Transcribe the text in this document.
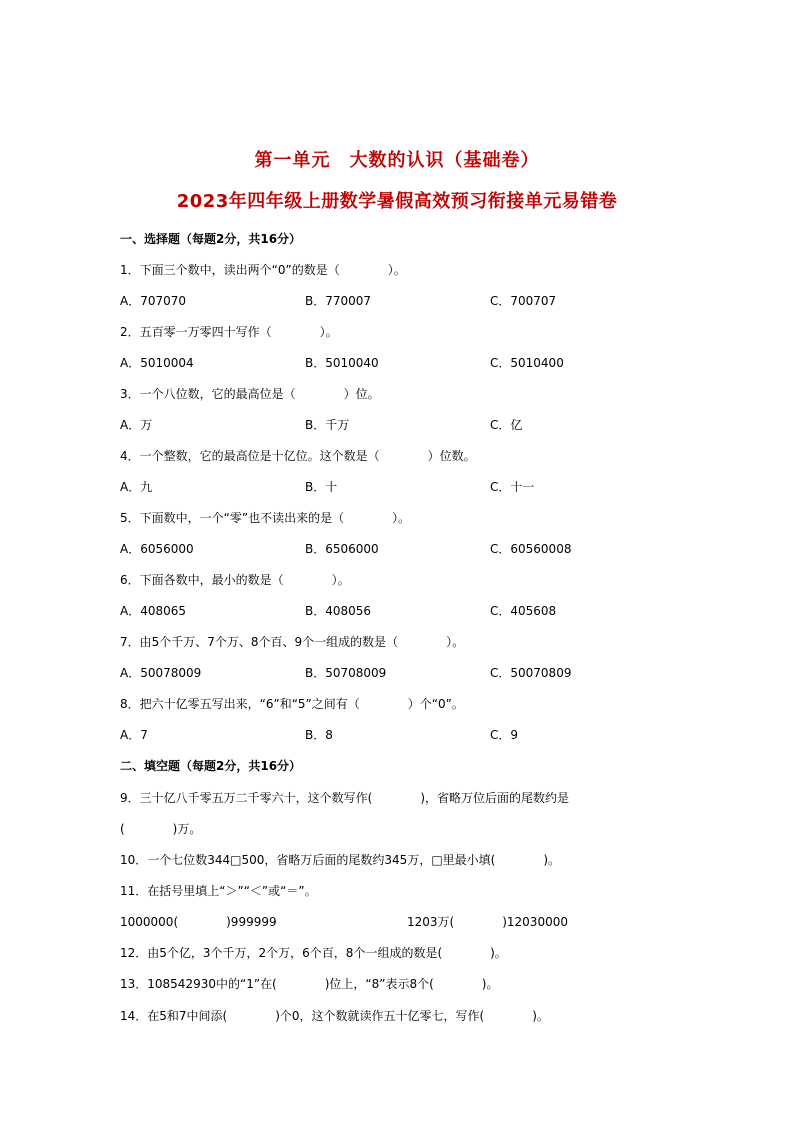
第一单元　大数的认识（基础卷）
2023年四年级上册数学暑假高效预习衔接单元易错卷
一、选择题（每题2分，共16分）
1．下面三个数中，读出两个“0”的数是（　　　　）。
A．707070	B．770007	C．700707
2．五百零一万零四十写作（　　　　）。
A．5010004	B．5010040	C．5010400
3．一个八位数，它的最高位是（　　　　）位。
A．万	B．千万	C．亿
4．一个整数，它的最高位是十亿位。这个数是（　　　　）位数。
A．九	B．十	C．十一
5．下面数中，一个“零”也不读出来的是（　　　　）。
A．6056000	B．6506000	C．60560008
6．下面各数中，最小的数是（　　　　）。
A．408065	B．408056	C．405608
7．由5个千万、7个万、8个百、9个一组成的数是（　　　　）。
A．50078009	B．50708009	C．50070809
8．把六十亿零五写出来，“6”和“5”之间有（　　　　）个“0”。
A．7	B．8	C．9
二、填空题（每题2分，共16分）
9．三十亿八千零五万二千零六十，这个数写作(　　　　)，省略万位后面的尾数约是
(　　　　)万。
10．一个七位数344□500，省略万后面的尾数约345万，□里最小填(　　　　)。
11．在括号里填上“＞”“＜”或“＝”。
1000000(　　　　)999999	1203万(　　　　)12030000
12．由5个亿，3个千万，2个万，6个百，8个一组成的数是(　　　　)。
13．108542930中的“1”在(　　　　)位上，“8”表示8个(　　　　)。
14．在5和7中间添(　　　　)个0，这个数就读作五十亿零七，写作(　　　　)。
